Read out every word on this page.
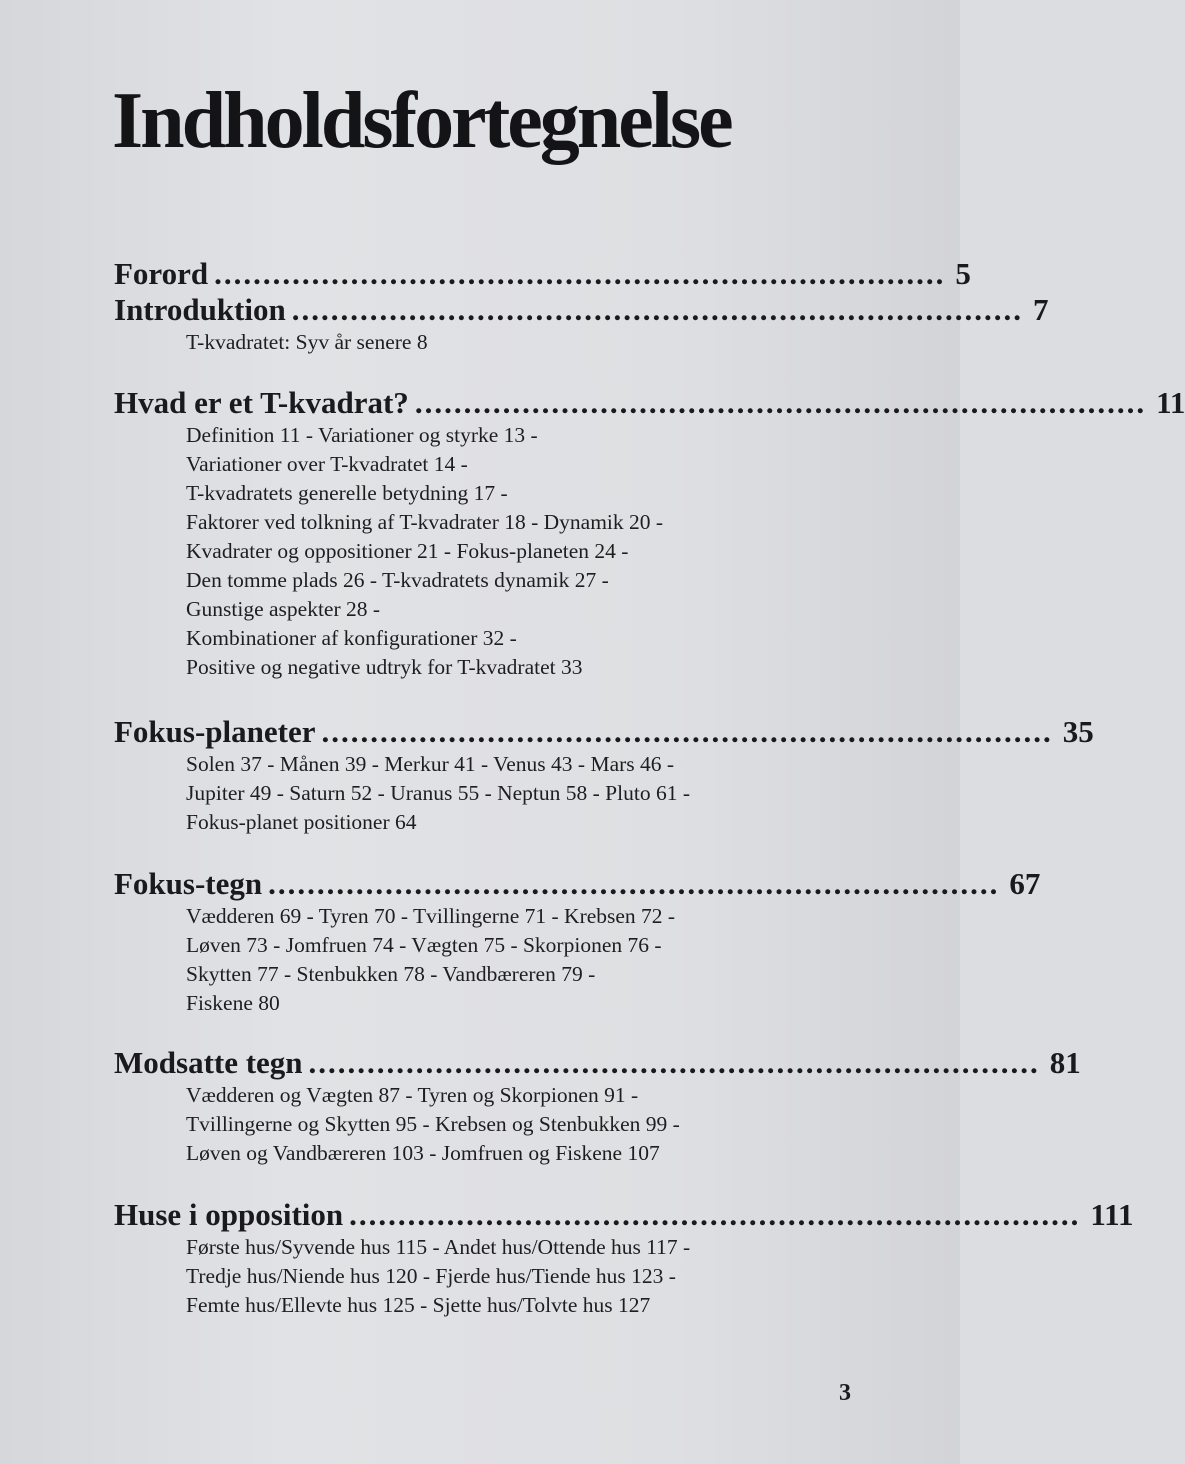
Indholdsfortegnelse
Forord ........................................................................... 5
Introduktion ........................................................................... 7
T-kvadratet: Syv år senere 8
Hvad er et T-kvadrat? ........................................................................... 11
Definition 11 - Variationer og styrke 13 -
Variationer over T-kvadratet 14 -
T-kvadratets generelle betydning 17 -
Faktorer ved tolkning af T-kvadrater 18 - Dynamik 20 -
Kvadrater og oppositioner 21 - Fokus-planeten 24 -
Den tomme plads 26 - T-kvadratets dynamik 27 -
Gunstige aspekter 28 -
Kombinationer af konfigurationer 32 -
Positive og negative udtryk for T-kvadratet 33
Fokus-planeter ........................................................................... 35
Solen 37 - Månen 39 - Merkur 41 - Venus 43 - Mars 46 -
Jupiter 49 - Saturn 52 - Uranus 55 - Neptun 58 - Pluto 61 -
Fokus-planet positioner 64
Fokus-tegn ........................................................................... 67
Vædderen 69 - Tyren 70 - Tvillingerne 71 - Krebsen 72 -
Løven 73 - Jomfruen 74 - Vægten 75 - Skorpionen 76 -
Skytten 77 - Stenbukken 78 - Vandbæreren 79 -
Fiskene 80
Modsatte tegn ........................................................................... 81
Vædderen og Vægten 87 - Tyren og Skorpionen 91 -
Tvillingerne og Skytten 95 - Krebsen og Stenbukken 99 -
Løven og Vandbæreren 103 - Jomfruen og Fiskene 107
Huse i opposition ........................................................................... 111
Første hus/Syvende hus 115 - Andet hus/Ottende hus 117 -
Tredje hus/Niende hus 120 - Fjerde hus/Tiende hus 123 -
Femte hus/Ellevte hus 125 - Sjette hus/Tolvte hus 127
3
